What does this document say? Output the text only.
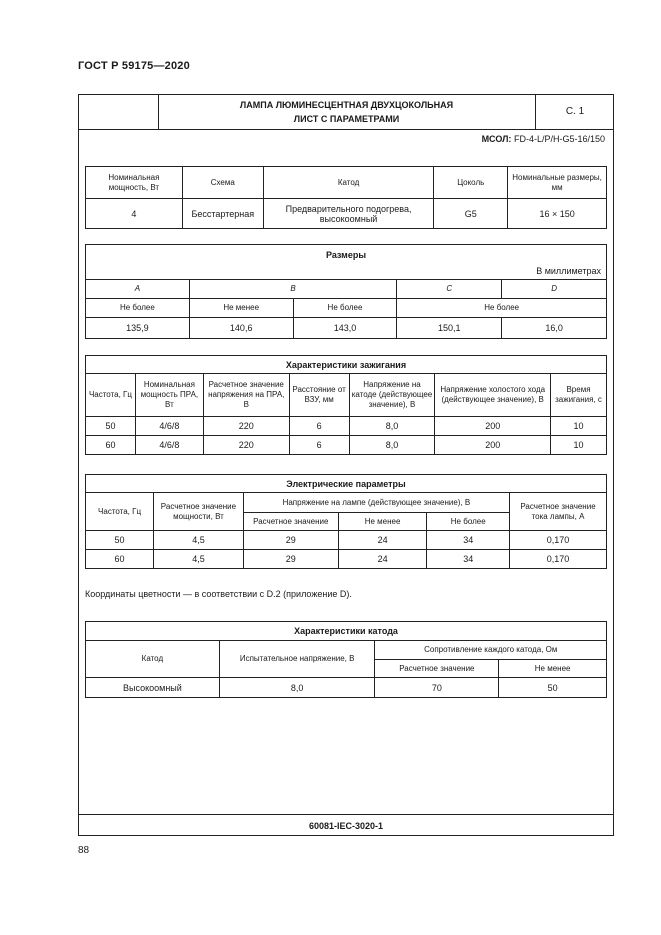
ГОСТ Р 59175—2020
ЛАМПА ЛЮМИНЕСЦЕНТНАЯ ДВУХЦОКОЛЬНАЯ
ЛИСТ С ПАРАМЕТРАМИ
С. 1
МСОЛ: FD-4-L/P/H-G5-16/150
60081-IEC-3020-1
Номинальная мощность, Вт	Схема	Катод	Цоколь	Номинальные размеры, мм
4	Бесстартерная	Предварительного подогрева, высокоомный	G5	16 × 150
Размеры
В миллиметрах				

A	B		C	D
Не более	Не менее	Не более	Не более	
135,9	140,6	143,0	150,1	16,0
Характеристики зажигания						
Частота, Гц	Номинальная мощность ПРА, Вт	Расчетное значение напряжения на ПРА, В	Расстояние от ВЗУ, мм	Напряжение на катоде (действующее значение), В	Напряжение холостого хода (действующее значение), В	Время зажигания, с
50	4/6/8	220	6	8,0	200	10
60	4/6/8	220	6	8,0	200	10
Электрические параметры					
Частота, Гц	Расчетное значение мощности, Вт	Напряжение на лампе (действующее значение), В			Расчетное значение тока лампы, А
		Расчетное значение	Не менее	Не более	
50	4,5	29	24	34	0,170
60	4,5	29	24	34	0,170
Координаты цветности — в соответствии с D.2 (приложение D).
Характеристики катода			
Катод	Испытательное напряжение, В	Сопротивление каждого катода, Ом	
		Расчетное значение	Не менее
Высокоомный	8,0	70	50
88
